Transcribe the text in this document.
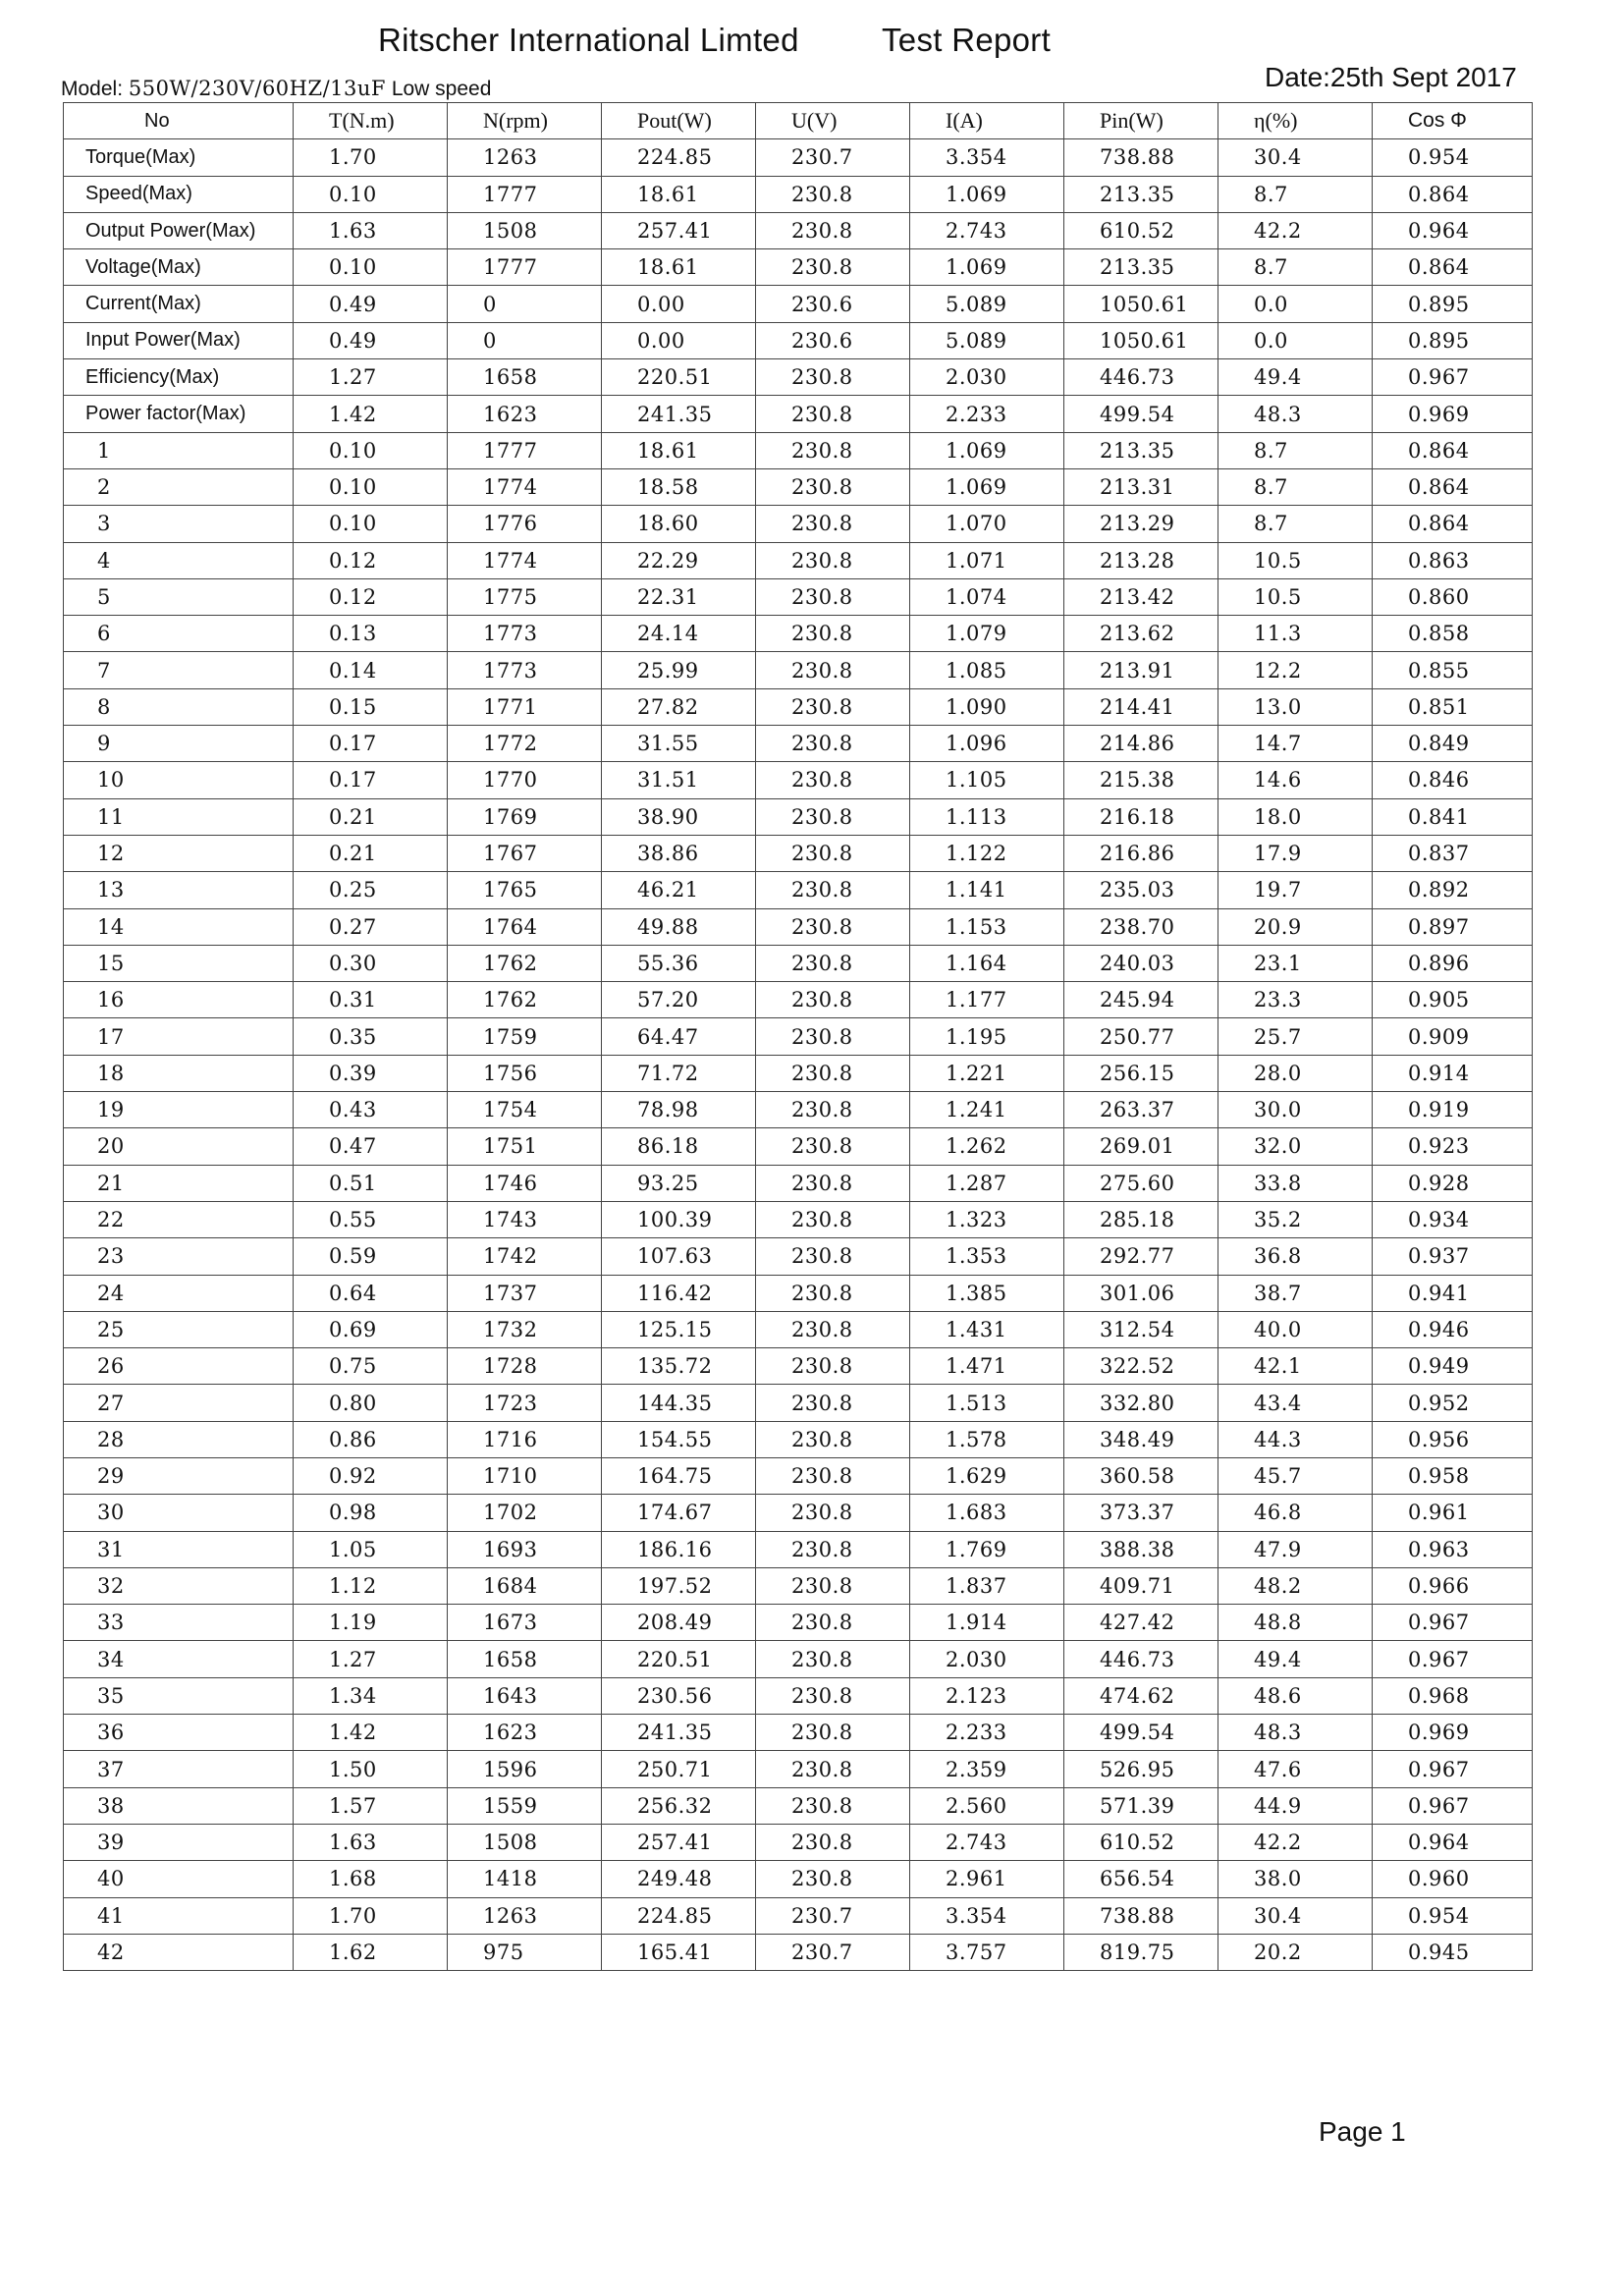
Ritscher International Limted	Test Report
Date:25th Sept 2017
Model: 550W/230V/60HZ/13uF Low speed
No	T(N.m)	N(rpm)	Pout(W)	U(V)	I(A)	Pin(W)	η(%)	Cos Φ
Torque(Max)	1.70	1263	224.85	230.7	3.354	738.88	30.4	0.954
Speed(Max)	0.10	1777	18.61	230.8	1.069	213.35	8.7	0.864
Output Power(Max)	1.63	1508	257.41	230.8	2.743	610.52	42.2	0.964
Voltage(Max)	0.10	1777	18.61	230.8	1.069	213.35	8.7	0.864
Current(Max)	0.49	0	0.00	230.6	5.089	1050.61	0.0	0.895
Input Power(Max)	0.49	0	0.00	230.6	5.089	1050.61	0.0	0.895
Efficiency(Max)	1.27	1658	220.51	230.8	2.030	446.73	49.4	0.967
Power factor(Max)	1.42	1623	241.35	230.8	2.233	499.54	48.3	0.969
1	0.10	1777	18.61	230.8	1.069	213.35	8.7	0.864
2	0.10	1774	18.58	230.8	1.069	213.31	8.7	0.864
3	0.10	1776	18.60	230.8	1.070	213.29	8.7	0.864
4	0.12	1774	22.29	230.8	1.071	213.28	10.5	0.863
5	0.12	1775	22.31	230.8	1.074	213.42	10.5	0.860
6	0.13	1773	24.14	230.8	1.079	213.62	11.3	0.858
7	0.14	1773	25.99	230.8	1.085	213.91	12.2	0.855
8	0.15	1771	27.82	230.8	1.090	214.41	13.0	0.851
9	0.17	1772	31.55	230.8	1.096	214.86	14.7	0.849
10	0.17	1770	31.51	230.8	1.105	215.38	14.6	0.846
11	0.21	1769	38.90	230.8	1.113	216.18	18.0	0.841
12	0.21	1767	38.86	230.8	1.122	216.86	17.9	0.837
13	0.25	1765	46.21	230.8	1.141	235.03	19.7	0.892
14	0.27	1764	49.88	230.8	1.153	238.70	20.9	0.897
15	0.30	1762	55.36	230.8	1.164	240.03	23.1	0.896
16	0.31	1762	57.20	230.8	1.177	245.94	23.3	0.905
17	0.35	1759	64.47	230.8	1.195	250.77	25.7	0.909
18	0.39	1756	71.72	230.8	1.221	256.15	28.0	0.914
19	0.43	1754	78.98	230.8	1.241	263.37	30.0	0.919
20	0.47	1751	86.18	230.8	1.262	269.01	32.0	0.923
21	0.51	1746	93.25	230.8	1.287	275.60	33.8	0.928
22	0.55	1743	100.39	230.8	1.323	285.18	35.2	0.934
23	0.59	1742	107.63	230.8	1.353	292.77	36.8	0.937
24	0.64	1737	116.42	230.8	1.385	301.06	38.7	0.941
25	0.69	1732	125.15	230.8	1.431	312.54	40.0	0.946
26	0.75	1728	135.72	230.8	1.471	322.52	42.1	0.949
27	0.80	1723	144.35	230.8	1.513	332.80	43.4	0.952
28	0.86	1716	154.55	230.8	1.578	348.49	44.3	0.956
29	0.92	1710	164.75	230.8	1.629	360.58	45.7	0.958
30	0.98	1702	174.67	230.8	1.683	373.37	46.8	0.961
31	1.05	1693	186.16	230.8	1.769	388.38	47.9	0.963
32	1.12	1684	197.52	230.8	1.837	409.71	48.2	0.966
33	1.19	1673	208.49	230.8	1.914	427.42	48.8	0.967
34	1.27	1658	220.51	230.8	2.030	446.73	49.4	0.967
35	1.34	1643	230.56	230.8	2.123	474.62	48.6	0.968
36	1.42	1623	241.35	230.8	2.233	499.54	48.3	0.969
37	1.50	1596	250.71	230.8	2.359	526.95	47.6	0.967
38	1.57	1559	256.32	230.8	2.560	571.39	44.9	0.967
39	1.63	1508	257.41	230.8	2.743	610.52	42.2	0.964
40	1.68	1418	249.48	230.8	2.961	656.54	38.0	0.960
41	1.70	1263	224.85	230.7	3.354	738.88	30.4	0.954
42	1.62	975	165.41	230.7	3.757	819.75	20.2	0.945
Page 1
